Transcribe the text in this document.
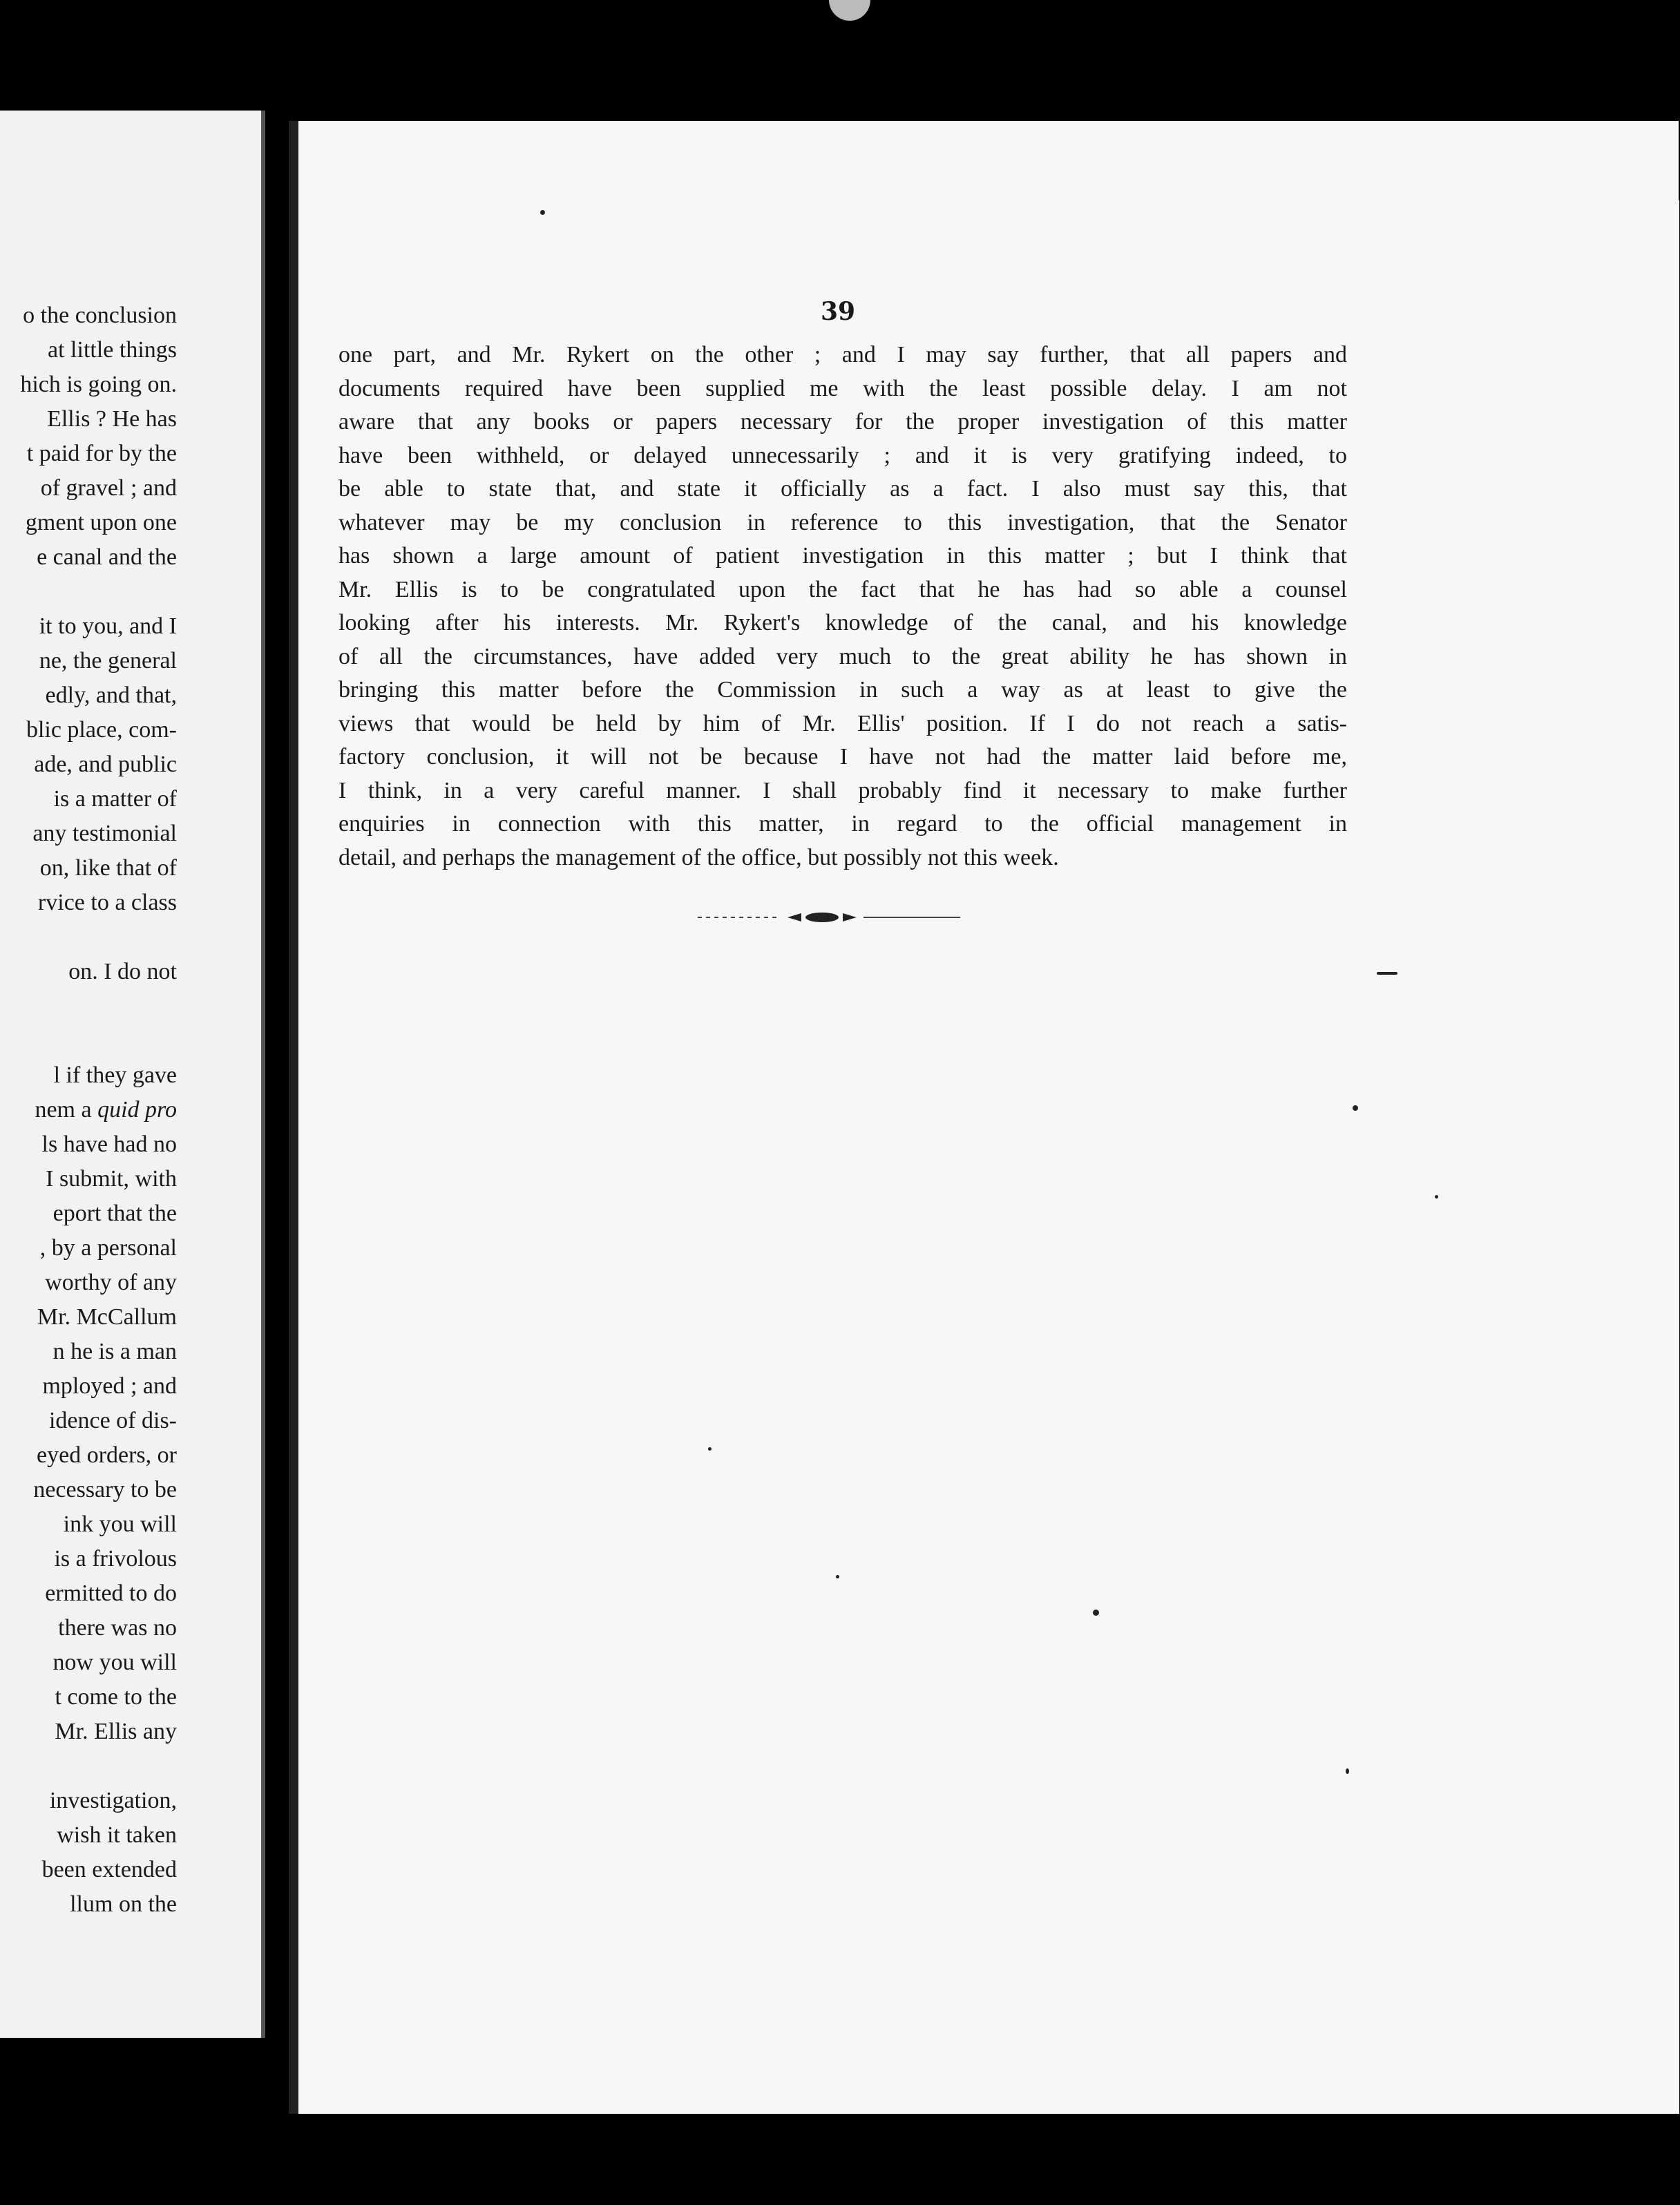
o the conclusion
at little things
hich is going on.
Ellis ? He has
t paid for by the
of gravel ; and
gment upon one
e canal and the
it to you, and I
ne, the general
edly, and that,
blic place, com-
ade, and public
is a matter of
any testimonial
on, like that of
rvice to a class
on. I do not
l if they gave
nem a quid pro
ls have had no
I submit, with
eport that the
, by a personal
worthy of any
Mr. McCallum
n he is a man
mployed ; and
idence of dis-
eyed orders, or
necessary to be
ink you will
is a frivolous
ermitted to do
there was no
now you will
t come to the
Mr. Ellis any
investigation,
wish it taken
been extended
llum on the
39
one part, and Mr. Rykert on the other ; and I may say further, that all papers and
documents required have been supplied me with the least possible delay. I am not
aware that any books or papers necessary for the proper investigation of this matter
have been withheld, or delayed unnecessarily ; and it is very gratifying indeed, to
be able to state that, and state it officially as a fact. I also must say this, that
whatever may be my conclusion in reference to this investigation, that the Senator
has shown a large amount of patient investigation in this matter ; but I think that
Mr. Ellis is to be congratulated upon the fact that he has had so able a counsel
looking after his interests. Mr. Rykert's knowledge of the canal, and his knowledge
of all the circumstances, have added very much to the great ability he has shown in
bringing this matter before the Commission in such a way as at least to give the
views that would be held by him of Mr. Ellis' position. If I do not reach a satis-
factory conclusion, it will not be because I have not had the matter laid before me,
I think, in a very careful manner. I shall probably find it necessary to make further
enquiries in connection with this matter, in regard to the official management in
detail, and perhaps the management of the office, but possibly not this week.
